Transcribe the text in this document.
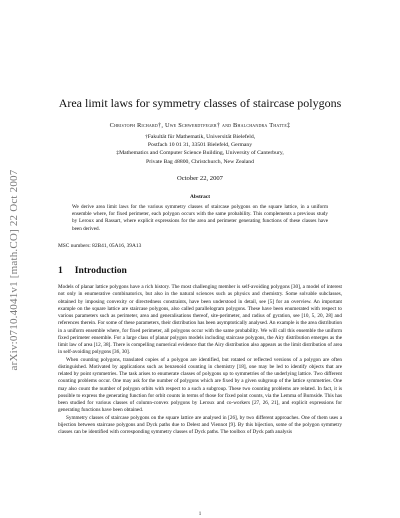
arXiv:0710.4041v1 [math.CO] 22 Oct 2007
Area limit laws for symmetry classes of staircase polygons
Christoph Richard†, Uwe Schwerdtfeger† and Bhalchandra Thatte‡
†Fakultät für Mathematik, Universität Bielefeld,
Postfach 10 01 31, 33501 Bielefeld, Germany
‡Mathematics and Computer Science Building, University of Canterbury,
Private Bag 48800, Christchurch, New Zealand
October 22, 2007
Abstract
We derive area limit laws for the various symmetry classes of staircase polygons on the square lattice, in a uniform ensemble where, for fixed perimeter, each polygon occurs with the same probability. This complements a previous study by Leroux and Rassart, where explicit expressions for the area and perimeter generating functions of these classes have been derived.
MSC numbers: 82B41, 05A16, 39A13
1 Introduction

Models of planar lattice polygons have a rich history. The most challenging member is self-avoiding polygons [30], a model of interest not only in enumerative combinatorics, but also in the natural sciences such as physics and chemistry. Some solvable subclasses, obtained by imposing convexity or directedness constraints, have been understood in detail, see [5] for an overview. An important example on the square lattice are staircase polygons, also called parallelogram polygons. These have been enumerated with respect to various parameters such as perimeter, area and generalisations thereof, site-perimeter, and radius of gyration, see [10, 5, 20, 28] and references therein. For some of these parameters, their distribution has been asymptotically analysed. An example is the area distribution in a uniform ensemble where, for fixed perimeter, all polygons occur with the same probability. We will call this ensemble the uniform fixed perimeter ensemble. For a large class of planar polygon models including staircase polygons, the Airy distribution emerges as the limit law of area [12, 38]. There is compelling numerical evidence that the Airy distribution also appears as the limit distribution of area in self-avoiding polygons [36, 30].

When counting polygons, translated copies of a polygon are identified, but rotated or reflected versions of a polygon are often distinguished. Motivated by applications such as benzenoid counting in chemistry [18], one may be led to identify objects that are related by point symmetries. The task arises to enumerate classes of polygons up to symmetries of the underlying lattice. Two different counting problems occur. One may ask for the number of polygons which are fixed by a given subgroup of the lattice symmetries. One may also count the number of polygon orbits with respect to a such a subgroup. These two counting problems are related. In fact, it is possible to express the generating function for orbit counts in terms of those for fixed point counts, via the Lemma of Burnside. This has been studied for various classes of column-convex polygons by Leroux and co-workers [27, 26, 21], and explicit expressions for generating functions have been obtained.

Symmetry classes of staircase polygons on the square lattice are analysed in [26], by two different approaches. One of them uses a bijection between staircase polygons and Dyck paths due to Delest and Viennot [9]. By this bijection, some of the polygon symmetry classes can be identified with corresponding symmetry classes of Dyck paths. The toolbox of Dyck path analysis

1
